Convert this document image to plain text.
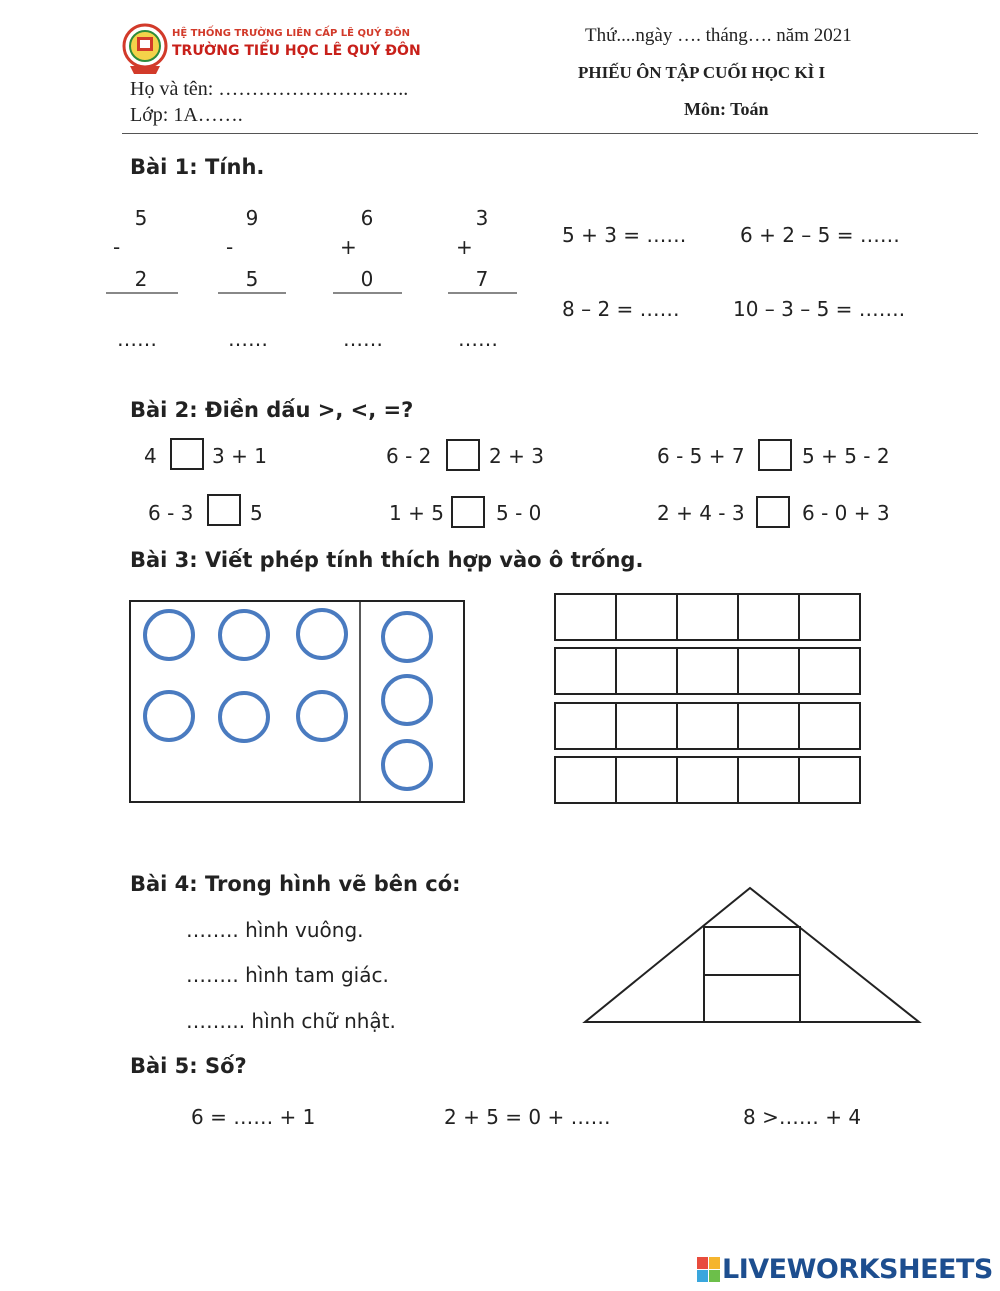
HỆ THỐNG TRƯỜNG LIÊN CẤP LÊ QUÝ ĐÔN
TRƯỜNG TIỂU HỌC LÊ QUÝ ĐÔN
Họ và tên: ………………………..
Lớp: 1A…….
Thứ....ngày …. tháng…. năm 2021
PHIẾU ÔN TẬP CUỐI HỌC KÌ I
Môn: Toán
Bài 1: Tính.
5
-
2
……
9
-
5
……
6
+
0
……
3
+
7
……
5 + 3 = ……	6 + 2 – 5 = ……
8 – 2 = ……	10 – 3 – 5 = …….
Bài 2: Điền dấu >, <, =?
4	3 + 1	6 - 2	2 + 3	6 - 5 + 7	5 + 5 - 2
6 - 3	5	1 + 5	5 - 0	2 + 4 - 3	6 - 0 + 3
Bài 3: Viết phép tính thích hợp vào ô trống.

Bài 4: Trong hình vẽ bên có:
…….. hình vuông.
…….. hình tam giác.
……... hình chữ nhật.
Bài 5: Số?
6 = …… + 1	2 + 5 = 0 + ……	8 >…… + 4
LIVEWORKSHEETS
